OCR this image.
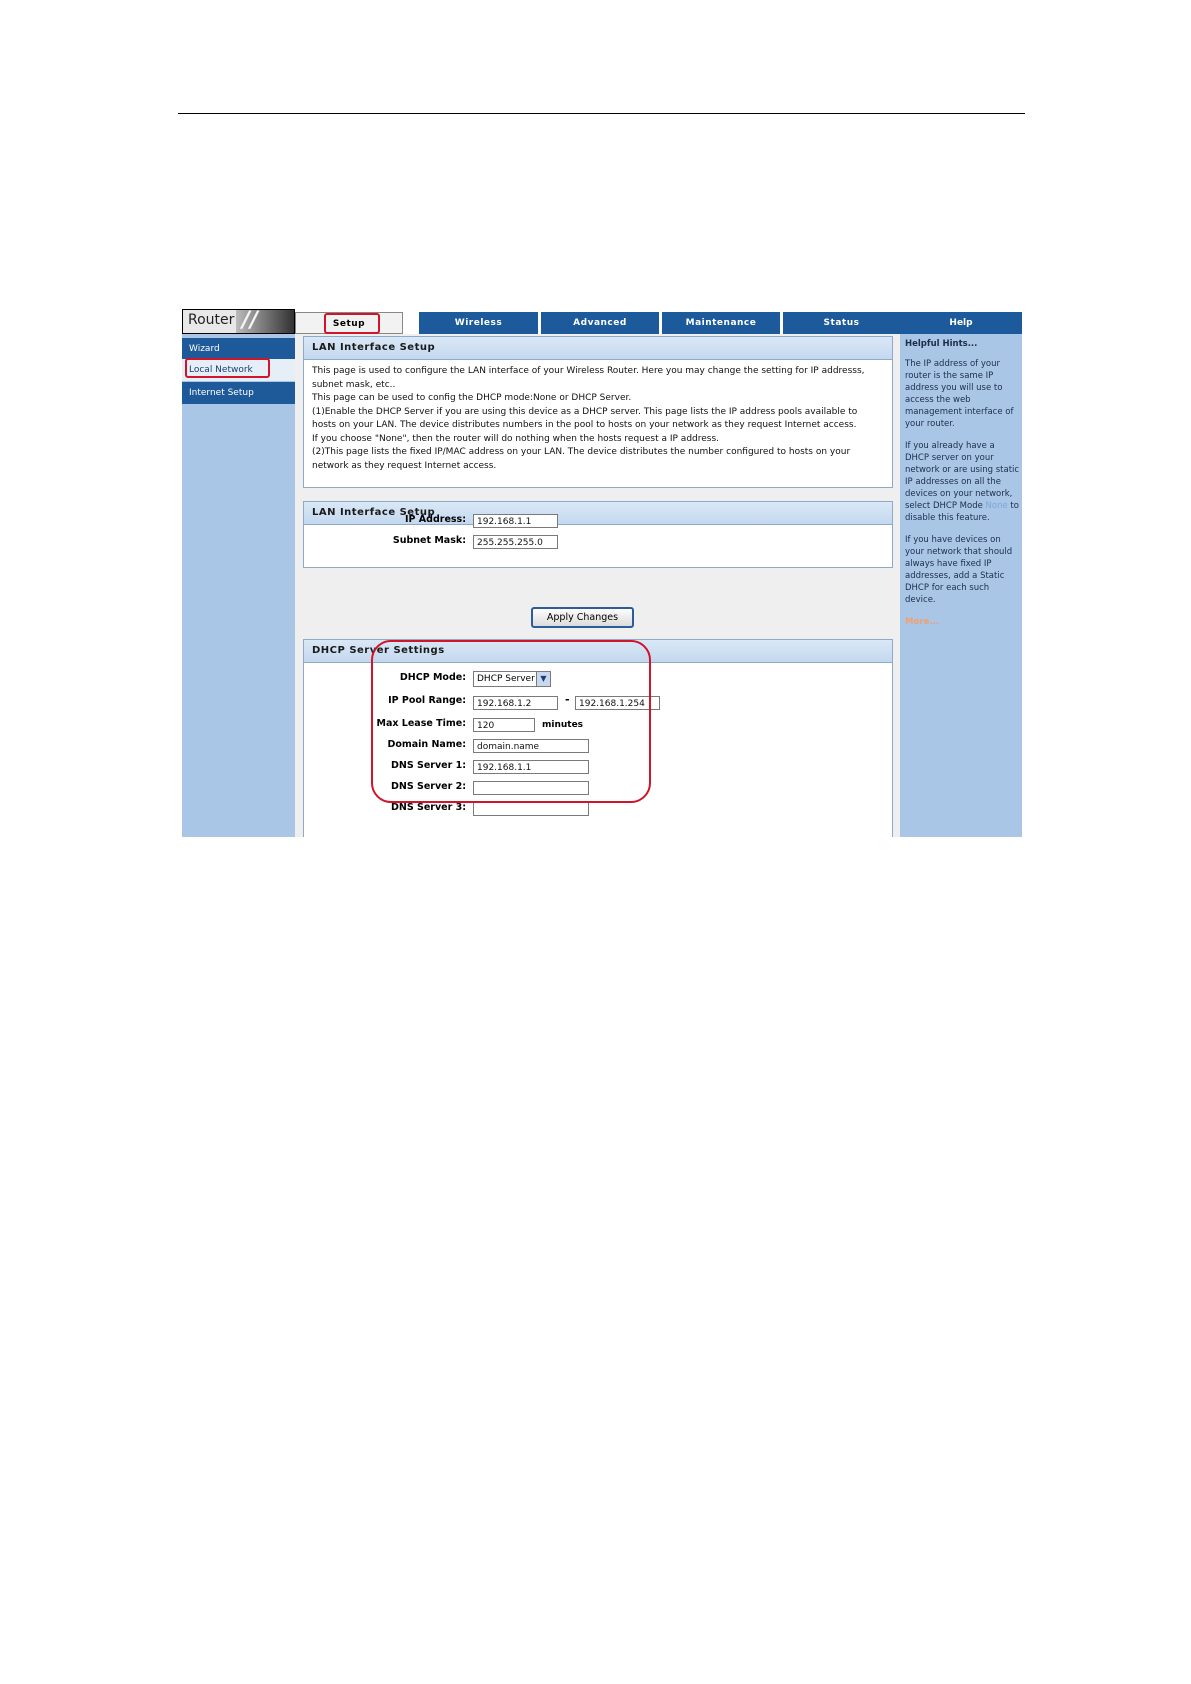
Router //
Wizard
Local Network
Internet Setup
Setup	Wireless	Advanced	Maintenance	Status	Help
LAN Interface Setup

This page is used to configure the LAN interface of your Wireless Router. Here you may change the setting for IP addresss, subnet mask, etc..

This page can be used to config the DHCP mode:None or DHCP Server.

(1)Enable the DHCP Server if you are using this device as a DHCP server. This page lists the IP address pools available to hosts on your LAN. The device distributes numbers in the pool to hosts on your network as they request Internet access.

If you choose "None", then the router will do nothing when the hosts request a IP address.

(2)This page lists the fixed IP/MAC address on your LAN. The device distributes the number configured to hosts on your network as they request Internet access.

LAN Interface Setup
IP Address:	192.168.1.1
Subnet Mask:	255.255.255.0
Apply Changes
DHCP Server Settings
DHCP Mode:	DHCP Server ▼
IP Pool Range:	192.168.1.2	-	192.168.1.254
Max Lease Time:	120	minutes
Domain Name:	domain.name
DNS Server 1:	192.168.1.1
DNS Server 2:
DNS Server 3:

Helpful Hints...

The IP address of your router is the same IP address you will use to access the web management interface of your router.

If you already have a DHCP server on your network or are using static IP addresses on all the devices on your network, select DHCP Mode None to disable this feature.

If you have devices on your network that should always have fixed IP addresses, add a Static DHCP for each such device.

More...
